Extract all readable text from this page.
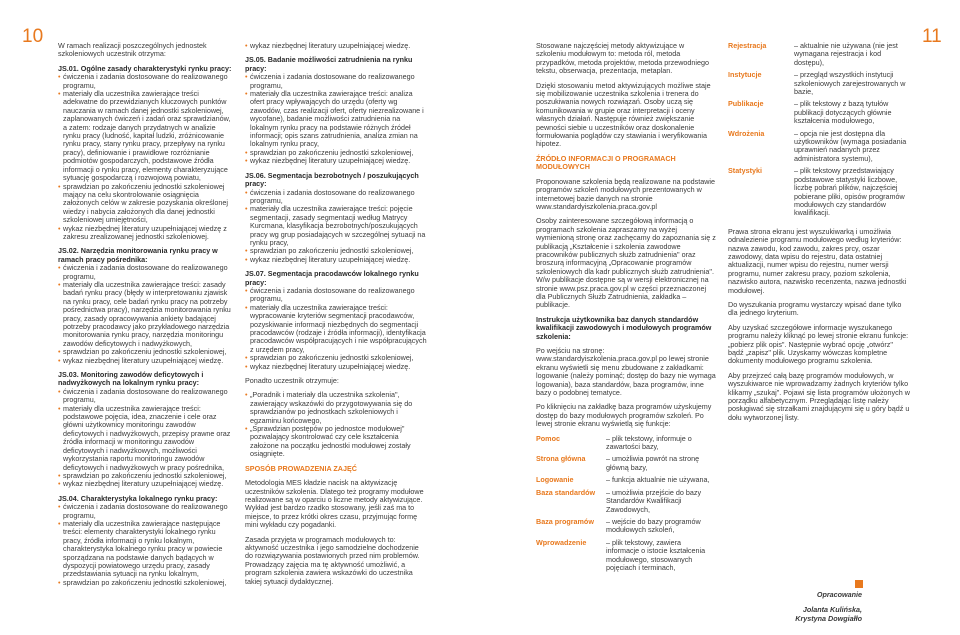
10	11

W ramach realizacji poszczególnych jednostek szkoleniowych uczestnik otrzyma:

JS.01. Ogólne zasady charakterystyki rynku pracy:

• ćwiczenia i zadania dostosowane do realizowanego programu,

• materiały dla uczestnika zawierające treści adekwatne do przewidzianych kluczowych punktów nauczania w ramach danej jednostki szkoleniowej, zaplanowanych ćwiczeń i zadań oraz sprawdzianów, a zatem: rodzaje danych przydatnych w analizie rynku pracy (ludność, kapitał ludzki, zróżnicowanie rynku pracy, stany rynku pracy, przepływy na rynku pracy), definiowanie i prawidłowe rozróżnianie podmiotów gospodarczych, podstawowe źródła informacji o rynku pracy, elementy charakteryzujące sytuację gospodarczą i rozwojową powiatu,

• sprawdzian po zakończeniu jednostki szkoleniowej mający na celu skontrolowanie osiągnięcia założonych celów w zakresie pozyskania określonej wiedzy i nabycia założonych dla danej jednostki szkoleniowej umiejętności,

• wykaz niezbędnej literatury uzupełniającej wiedzę z zakresu zrealizowanej jednostki szkoleniowej.

JS.02. Narzędzia monitorowania rynku pracy w ramach pracy pośrednika:

• ćwiczenia i zadania dostosowane do realizowanego programu,

• materiały dla uczestnika zawierające treści: zasady badań rynku pracy (błędy w interpretowaniu zjawisk na rynku pracy, cele badań rynku pracy na potrzeby pośrednictwa pracy), narzędzia monitorowania rynku pracy, zasady opracowywania ankiety badającej potrzeby pracodawcy jako przykładowego narzędzia monitorowania rynku pracy, narzędzia monitoringu zawodów deficytowych i nadwyżkowych,

• sprawdzian po zakończeniu jednostki szkoleniowej,

• wykaz niezbędnej literatury uzupełniającej wiedzę.

JS.03. Monitoring zawodów deficytowych i nadwyżkowych na lokalnym rynku pracy:

• ćwiczenia i zadania dostosowane do realizowanego programu,

• materiały dla uczestnika zawierające treści: podstawowe pojęcia, idea, znaczenie i cele oraz główni użytkownicy monitoringu zawodów deficytowych i nadwyżkowych, przepisy prawne oraz źródła informacji w monitoringu zawodów deficytowych i nadwyżkowych, możliwości wykorzystania raportu monitoringu zawodów deficytowych i nadwyżkowych w pracy pośrednika,

• sprawdzian po zakończeniu jednostki szkoleniowej,

• wykaz niezbędnej literatury uzupełniającej wiedzę.

JS.04. Charakterystyka lokalnego rynku pracy:

• ćwiczenia i zadania dostosowane do realizowanego programu,

• materiały dla uczestnika zawierające następujące treści: elementy charakterystyki lokalnego rynku pracy, źródła informacji o rynku lokalnym, charakterystyka lokalnego rynku pracy w powiecie sporządzana na podstawie danych bądących w dyspozycji powiatowego urzędu pracy, zasady przedstawiania sytuacji na rynku lokalnym,

• sprawdzian po zakończeniu jednostki szkoleniowej,

• wykaz niezbędnej literatury uzupełniającej wiedzę.

JS.05. Badanie możliwości zatrudnienia na rynku pracy:

• ćwiczenia i zadania dostosowane do realizowanego programu,

• materiały dla uczestnika zawierające treści: analiza ofert pracy wpływających do urzędu (oferty wg zawodów, czas realizacji ofert, oferty niezrealizowane i wycofane), badanie możliwości zatrudnienia na lokalnym rynku pracy na podstawie różnych źródeł informacji; opis szans zatrudnienia, analiza zmian na lokalnym rynku pracy,

• sprawdzian po zakończeniu jednostki szkoleniowej,

• wykaz niezbędnej literatury uzupełniającej wiedzę.

JS.06. Segmentacja bezrobotnych / poszukujących pracy:

• ćwiczenia i zadania dostosowane do realizowanego programu,

• materiały dla uczestnika zawierające treści: pojęcie segmentacji, zasady segmentacji według Matrycy Kurcmana, klasyfikacja bezrobotnych/poszukujących pracy wg grup posiadających w szczególnej sytuacji na rynku pracy,

• sprawdzian po zakończeniu jednostki szkoleniowej,

• wykaz niezbędnej literatury uzupełniającej wiedzę.

JS.07. Segmentacja pracodawców lokalnego rynku pracy:

• ćwiczenia i zadania dostosowane do realizowanego programu,

• materiały dla uczestnika zawierające treści: wypracowanie kryteriów segmentacji pracodawców, pozyskiwanie informacji niezbędnych do segmentacji pracodawców (rodzaje i źródła informacji), identyfikacja pracodawców współpracujących i nie współpracujących z urzędem pracy,

• sprawdzian po zakończeniu jednostki szkoleniowej,

• wykaz niezbędnej literatury uzupełniającej wiedzę.

Ponadto uczestnik otrzymuje:

• „Poradnik i materiały dla uczestnika szkolenia", zawierający wskazówki do przygotowywania się do sprawdzianów po jednostkach szkoleniowych i egzaminu końcowego,

• „Sprawdzian postępów po jednostce modułowej" pozwalający skontrolować czy cele kształcenia założone na początku jednostki modułowej zostały osiągnięte.

SPOSÓB PROWADZENIA ZAJĘĆ

Metodologia MES kładzie nacisk na aktywizację uczestników szkolenia. Dlatego też programy modułowe realizowane są w oparciu o liczne metody aktywizujące. Wykład jest bardzo rzadko stosowany, jeśli zaś ma to miejsce, to przez krótki okres czasu, przyjmując formę mini wykładu czy pogadanki.

Zasada przyjęta w programach modułowych to: aktywność uczestnika i jego samodzielne dochodzenie do rozwiązywania postawionych przed nim problemów. Prowadzący zajęcia ma tę aktywność umożliwić, a program szkolenia zawiera wskazówki do uczestnika takiej sytuacji dydaktycznej.

Stosowane najczęściej metody aktywizujące w szkoleniu modułowym to: metoda ról, metoda przypadków, metoda projektów, metoda przewodniego tekstu, obserwacja, prezentacja, metaplan.

Dzięki stosowaniu metod aktywizujących możliwe staje się mobilizowanie uczestnika szkolenia i trenera do poszukiwania nowych rozwiązań. Osoby uczą się komunikowania w grupie oraz interpretacji i oceny własnych działań. Następuje również zwiększanie pewności siebie u uczestników oraz doskonalenie formułowania poglądów czy stawiania i weryfikowania hipotez.

ŹRÓDŁO INFORMACJI O PROGRAMACH MODUŁOWYCH

Proponowane szkolenia będą realizowane na podstawie programów szkoleń modułowych prezentowanych w internetowej bazie danych na stronie www.standardyiszkolenia.praca.gov.pl

Osoby zainteresowane szczegółową informacją o programach szkolenia zapraszamy na wyżej wymienioną stronę oraz zachęcamy do zapoznania się z publikacją „Kształcenie i szkolenia zawodowe pracowników publicznych służb zatrudnienia" oraz broszurą informacyjną „Opracowanie programów szkoleniowych dla kadr publicznych służb zatrudnienia". W/w publikacje dostępne są w wersji elektronicznej na stronie www.psz.praca.gov.pl w części przeznaczonej dla Publicznych Służb Zatrudnienia, zakładka – publikacje.

Instrukcja użytkownika baz danych standardów kwalifikacji zawodowych i modułowych programów szkolenia:

Po wejściu na stronę: www.standardyiszkolenia.praca.gov.pl po lewej stronie ekranu wyświetli się menu zbudowane z zakładkami: logowanie (należy pominąć; dostęp do bazy nie wymaga logowania), baza standardów, baza programów, inne bazy o podobnej tematyce.

Po kliknięciu na zakładkę baza programów użyskujemy dostęp do bazy modułowych programów szkoleń. Po lewej stronie ekranu wyświetlą się funkcje:

Pomoc	– plik tekstowy, informuje o zawartości bazy,
Strona główna	– umożliwia powrót na stronę główną bazy,
Logowanie	– funkcja aktualnie nie używana,
Baza standardów	– umożliwia przejście do bazy Standardów Kwalifikacji Zawodowych,
Baza programów	– wejście do bazy programów modułowych szkoleń,
Wprowadzenie	– plik tekstowy, zawiera informacje o istocie kształcenia modułowego, stosowanych pojęciach i terminach,
Rejestracja	– aktualnie nie używana (nie jest wymagana rejestracja i kod dostępu),
Instytucje	– przegląd wszystkich instytucji szkoleniowych zarejestrowanych w bazie,
Publikacje	– plik tekstowy z bazą tytułów publikacji dotyczących głównie kształcenia modułowego,
Wdrożenia	– opcja nie jest dostępna dla użytkowników (wymaga posiadania uprawnień nadanych przez administratora systemu),
Statystyki	– plik tekstowy przedstawiający podstawowe statystyki liczbowe, liczbę pobrań plików, najczęściej pobierane pliki, opisów programów modułowych czy standardów kwalifikacji.

Prawa strona ekranu jest wyszukiwarką i umożliwia odnalezienie programu modułowego według kryteriów: nazwa zawodu, kod zawodu, zakres prcy, oszar zawodowy, data wpisu do rejestru, data ostatniej aktualizacji, numer wpisu do rejestru, numer wersji programu, numer zakresu pracy, poziom szkolenia, nazwisko autora, nazwisko recenzenta, nazwa jednostki modułowej.

Do wyszukania programu wystarczy wpisać dane tylko dla jednego kryterium.

Aby uzyskać szczegółowe informacje wyszukanego programu należy kliknąć po lewej stronie ekranu funkcje: „pobierz plik opis". Następnie wybrać opcję „otwórz" bądź „zapisz" plik. Uzyskamy wówczas kompletne dokumenty modułowego programu szkolenia.

Aby przejrzeć całą bazę programów modułowych, w wyszukiwarce nie wprowadzamy żadnych kryteriów tylko klikamy „szukaj". Pojawi się lista programów ułożonych w porządku alfabetycznym. Przeglądając listę należy posługiwać się strzałkami znajdującymi się u góry bądź u dołu wytworzonej listy.

Opracowanie
Jolanta Kulińska,
Krystyna Dowgiałło
